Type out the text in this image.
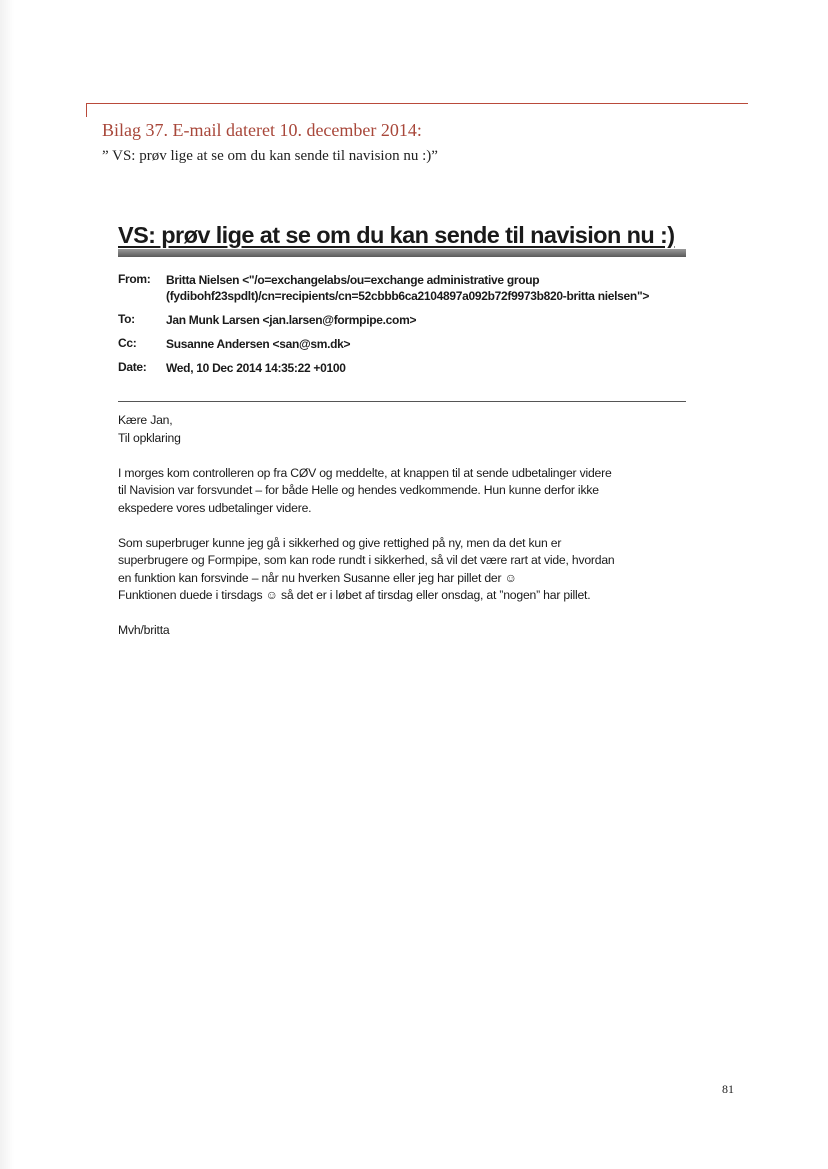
Bilag 37. E-mail dateret 10. december 2014:
” VS: prøv lige at se om du kan sende til navision nu :)”
VS: prøv lige at se om du kan sende til navision nu :)
From:	Britta Nielsen <"/o=exchangelabs/ou=exchange administrative group
(fydibohf23spdlt)/cn=recipients/cn=52cbbb6ca2104897a092b72f9973b820-britta nielsen">
To:	Jan Munk Larsen <jan.larsen@formpipe.com>
Cc:	Susanne Andersen <san@sm.dk>
Date:	Wed, 10 Dec 2014 14:35:22 +0100

Kære Jan,
Til opklaring

I morges kom controlleren op fra CØV og meddelte, at knappen til at sende udbetalinger videre
til Navision var forsvundet – for både Helle og hendes vedkommende. Hun kunne derfor ikke
ekspedere vores udbetalinger videre.

Som superbruger kunne jeg gå i sikkerhed og give rettighed på ny, men da det kun er
superbrugere og Formpipe, som kan rode rundt i sikkerhed, så vil det være rart at vide, hvordan
en funktion kan forsvinde – når nu hverken Susanne eller jeg har pillet der ☺
Funktionen duede i tirsdags ☺ så det er i løbet af tirsdag eller onsdag, at ”nogen” har pillet.

Mvh/britta

81
